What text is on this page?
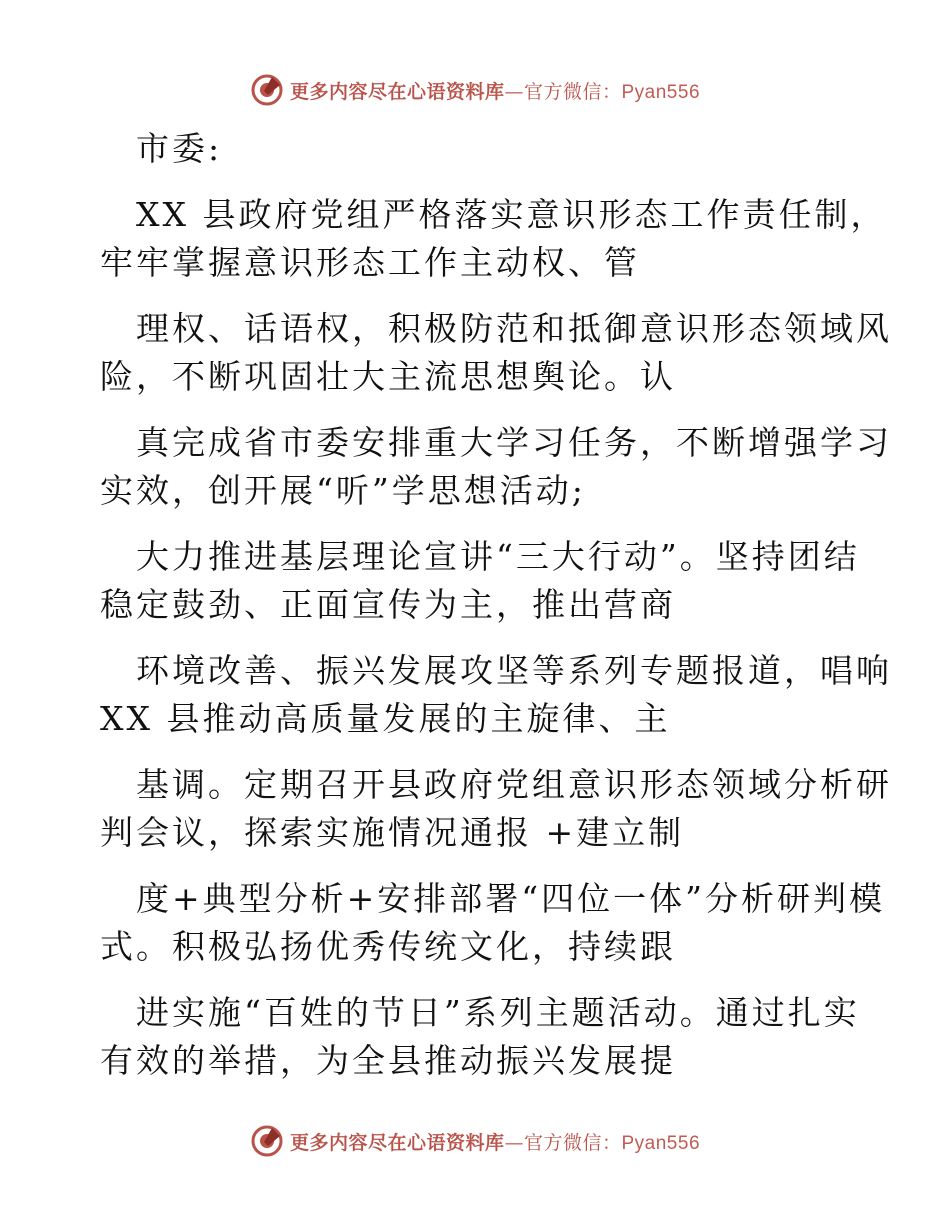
更多内容尽在心语资料库—官方微信：Pyan556
市委:
XX 县政府党组严格落实意识形态工作责任制，
牢牢掌握意识形态工作主动权、管
理权、话语权，积极防范和抵御意识形态领域风
险，不断巩固壮大主流思想舆论。认
真完成省市委安排重大学习任务，不断增强学习
实效，创开展“听”学思想活动;
大力推进基层理论宣讲“三大行动”。坚持团结
稳定鼓劲、正面宣传为主，推出营商
环境改善、振兴发展攻坚等系列专题报道，唱响
XX 县推动高质量发展的主旋律、主
基调。定期召开县政府党组意识形态领域分析研
判会议，探索实施情况通报 +建立制
度+典型分析+安排部署“四位一体”分析研判模
式。积极弘扬优秀传统文化，持续跟
进实施“百姓的节日”系列主题活动。通过扎实
有效的举措，为全县推动振兴发展提
更多内容尽在心语资料库—官方微信：Pyan556
